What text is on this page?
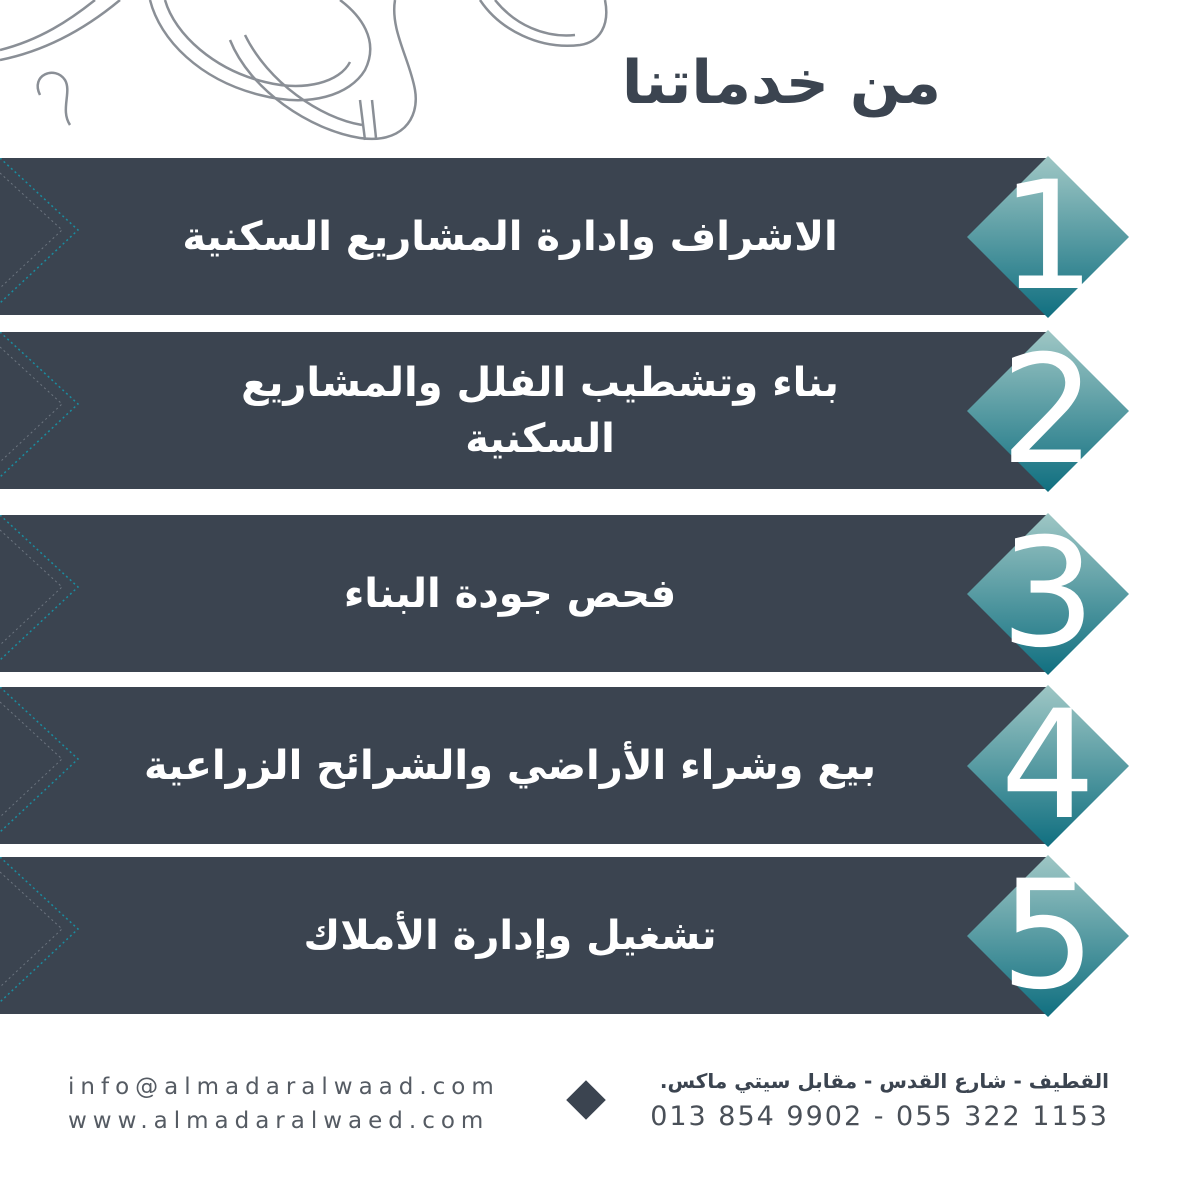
من خدماتنا
الاشراف وادارة المشاريع السكنية	1
بناء وتشطيب الفلل والمشاريع السكنية	2
فحص جودة البناء	3
بيع وشراء الأراضي والشرائح الزراعية 4
تشغيل وإدارة الأملاك	5
info@almadaralwaad.com
www.almadaralwaed.com
القطيف - شارع القدس - مقابل سيتي ماكس.
013 854 9902 - 055 322 1153
